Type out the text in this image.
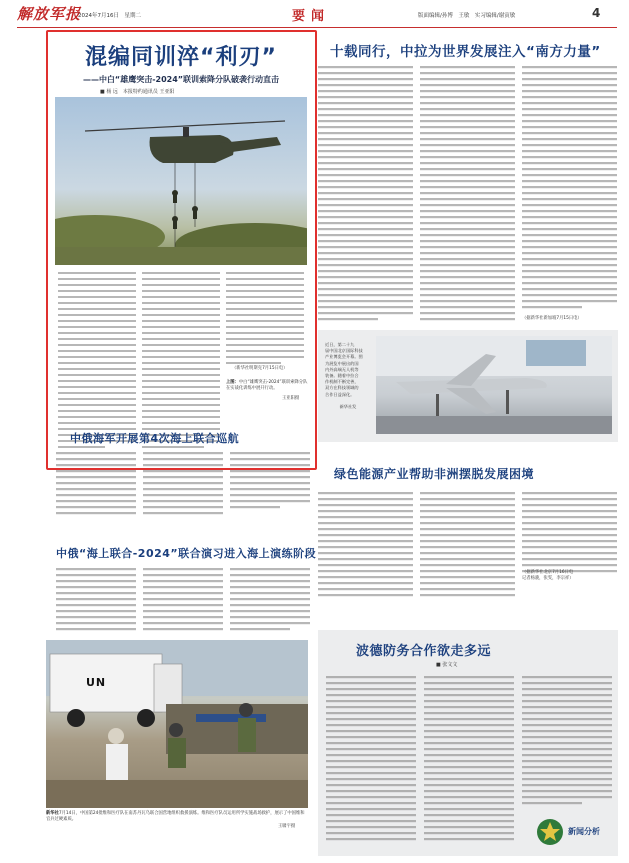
解放军报
2024年7月16日　星期二	要闻	版面编辑/孙博　王敏　实习编辑/谢寅敏	4
混编同训淬“利刃”
——中白“雄鹰突击-2024”联训索降分队破袭行动直击
■ 杨 远　本报特约通讯员 王亚阳
（新华社明斯克7月15日电）
上图：中白“雄鹰突击-2024”联训索降分队在实战化训练中展开行动。
王亚阳摄
十载同行，中拉为世界发展注入“南方力量”
（据新华社新加坡7月15日电）
近日，第二十九
届中国北京国际科技
产业博览会开幕。图
为展览中展出的国
内外高端无人机等
装备。随着中拉合
作机制不断完善，
双方在科技领域的
合作日益深化。
新华社发
中俄海军开展第4次海上联合巡航
中俄“海上联合-2024”联合演习进入海上演练阶段
UN
新华社7月14日，中国第24批维和医疗队在南苏丹瓦乌联合国营地组织救援演练。维和医疗队员运用所学实施战场救护，展示了中国维和官兵过硬素质。
王啸宇摄
绿色能源产业帮助非洲摆脱发展困境
（据新华社北京7月16日电
记者杨骏，张雯，李宗祥）
波德防务合作欲走多远
■ 张文文
新闻分析
